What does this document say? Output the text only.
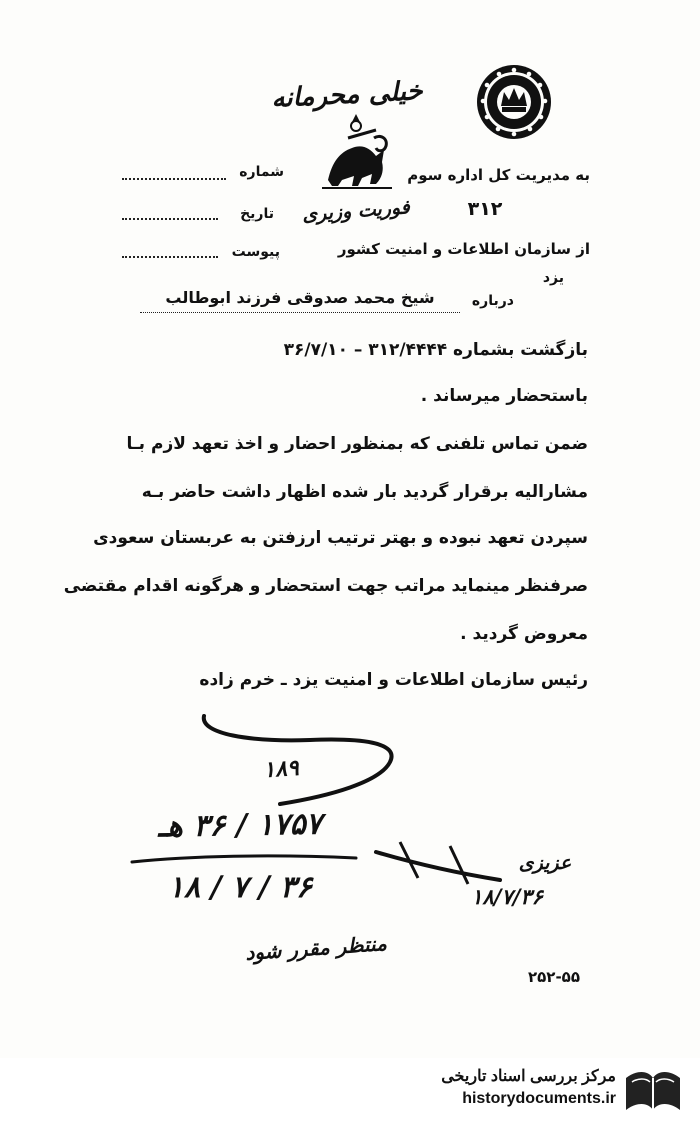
خیلی محرمانه
فوریت وزیری
شماره
تاریخ
پیوست
به مدیریت کل اداره سوم
۳۱۲
از سازمان اطلاعات و امنیت کشور
یزد
درباره
شیخ محمد صدوقی فرزند ابوطالب
بازگشت بشماره ۳۱۲/۴۴۴۴ – ۳۶/۷/۱۰
باستحضار میرساند .
ضمن تماس تلفنی که بمنظور احضار و اخذ تعهد لازم بـا
مشارالیه برقرار گردید بار شده اظهار داشت حاضر بـه
سپردن تعهد نبوده و بهتر ترتیب ارزفتن به عربستان سعودی
صرفنظر مینماید مراتب جهت استحضار و هرگونه اقدام مقتضی
معروض گردید .
رئیس سازمان اطلاعات و امنیت یزد ـ خرم زاده
۱۸۹
۱۷۵۷ / ۳۶ هـ
۱۸ / ۷ / ۳۶
عزیزی
۱۸/۷/۳۶
منتظر مقرر شود
۲۵۲-۵۵
مرکز بررسی اسناد تاریخی
historydocuments.ir
